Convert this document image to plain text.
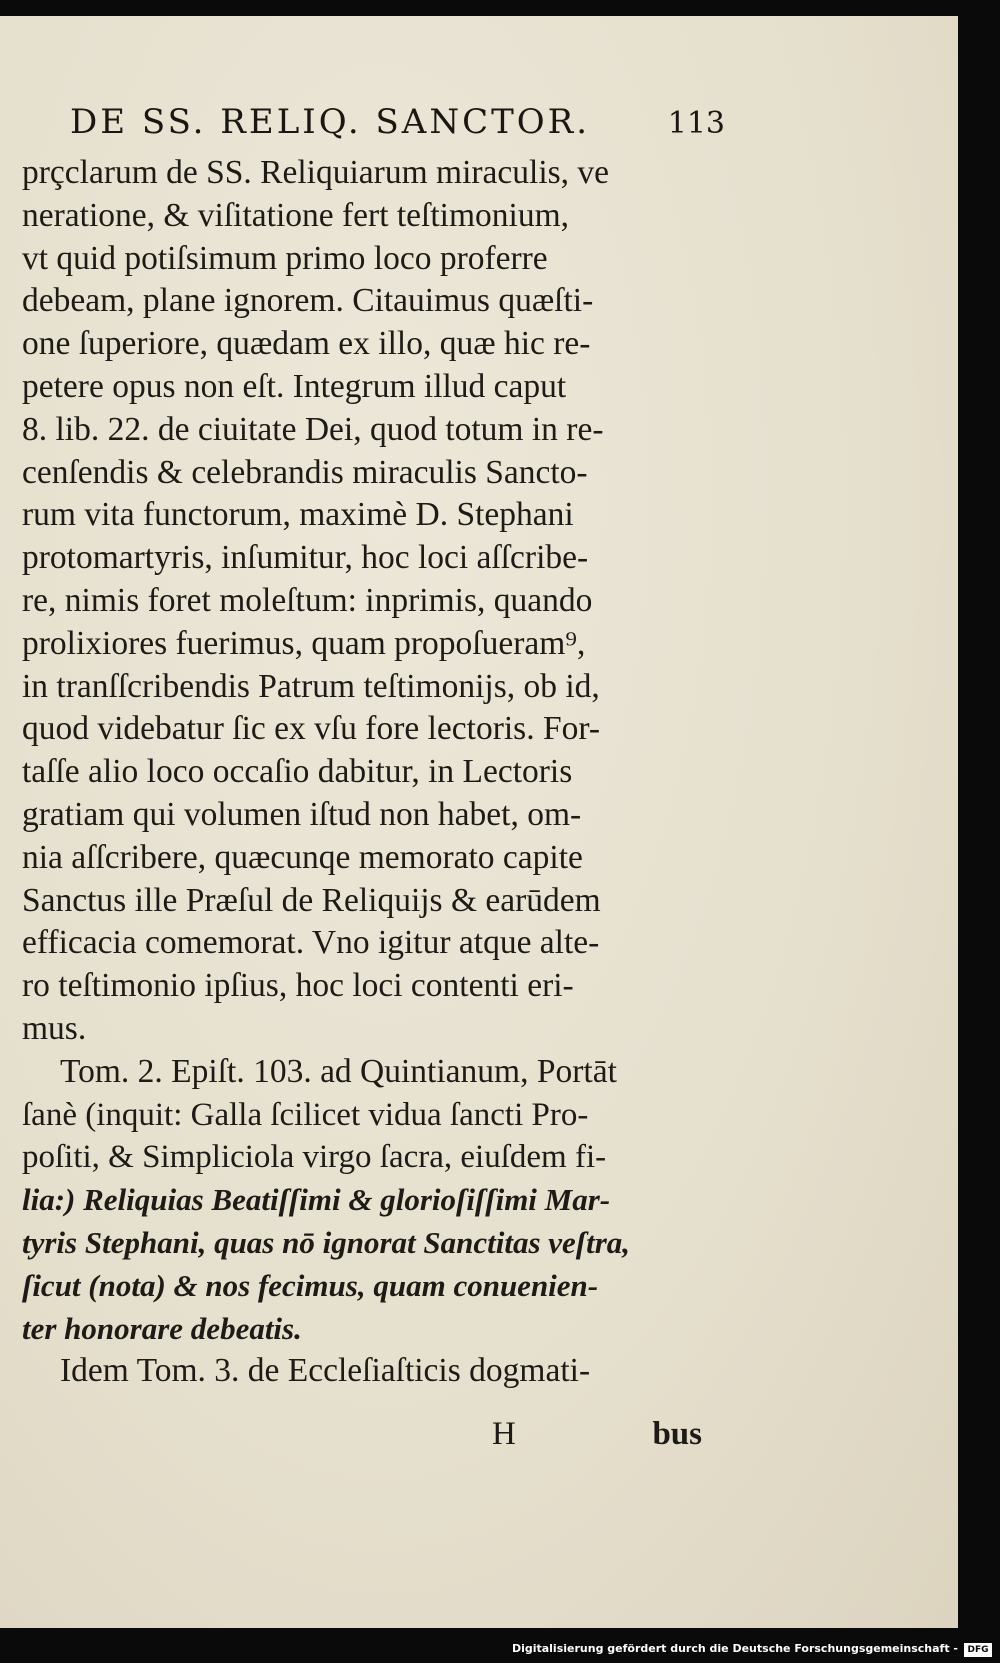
DE SS. RELIQ. SANCTOR.	113
prçclarum de SS. Reliquiarum miraculis, ve
neratione, & viſitatione fert teſtimonium,
vt quid potiſsimum primo loco proferre
debeam, plane ignorem. Citauimus quæſti-
one ſuperiore, quædam ex illo, quæ hic re-
petere opus non eſt. Integrum illud caput
8. lib. 22. de ciuitate Dei, quod totum in re-
cenſendis & celebrandis miraculis Sancto-
rum vita functorum, maximè D. Stephani
protomartyris, inſumitur, hoc loci aſſcribe-
re, nimis foret moleſtum: inprimis, quando
prolixiores fuerimus, quam propoſueram⁹,
in tranſſcribendis Patrum teſtimonijs, ob id,
quod videbatur ſic ex vſu fore lectoris. For-
taſſe alio loco occaſio dabitur, in Lectoris
gratiam qui volumen iſtud non habet, om-
nia aſſcribere, quæcunqe memorato capite
Sanctus ille Præſul de Reliquijs & earūdem
efficacia comemorat. Vno igitur atque alte-
ro teſtimonio ipſius, hoc loci contenti eri-
mus.
Tom. 2. Epiſt. 103. ad Quintianum, Portāt
ſanè (inquit: Galla ſcilicet vidua ſancti Pro-
poſiti, & Simpliciola virgo ſacra, eiuſdem fi-
lia:) Reliquias Beatiſſimi & glorioſiſſimi Mar-
tyris Stephani, quas nō ignorat Sanctitas veſtra,
ſicut (nota) & nos fecimus, quam conuenien-
ter honorare debeatis.
Idem Tom. 3. de Eccleſiaſticis dogmati-
H	bus
Digitalisierung gefördert durch die Deutsche Forschungsgemeinschaft -	DFG
